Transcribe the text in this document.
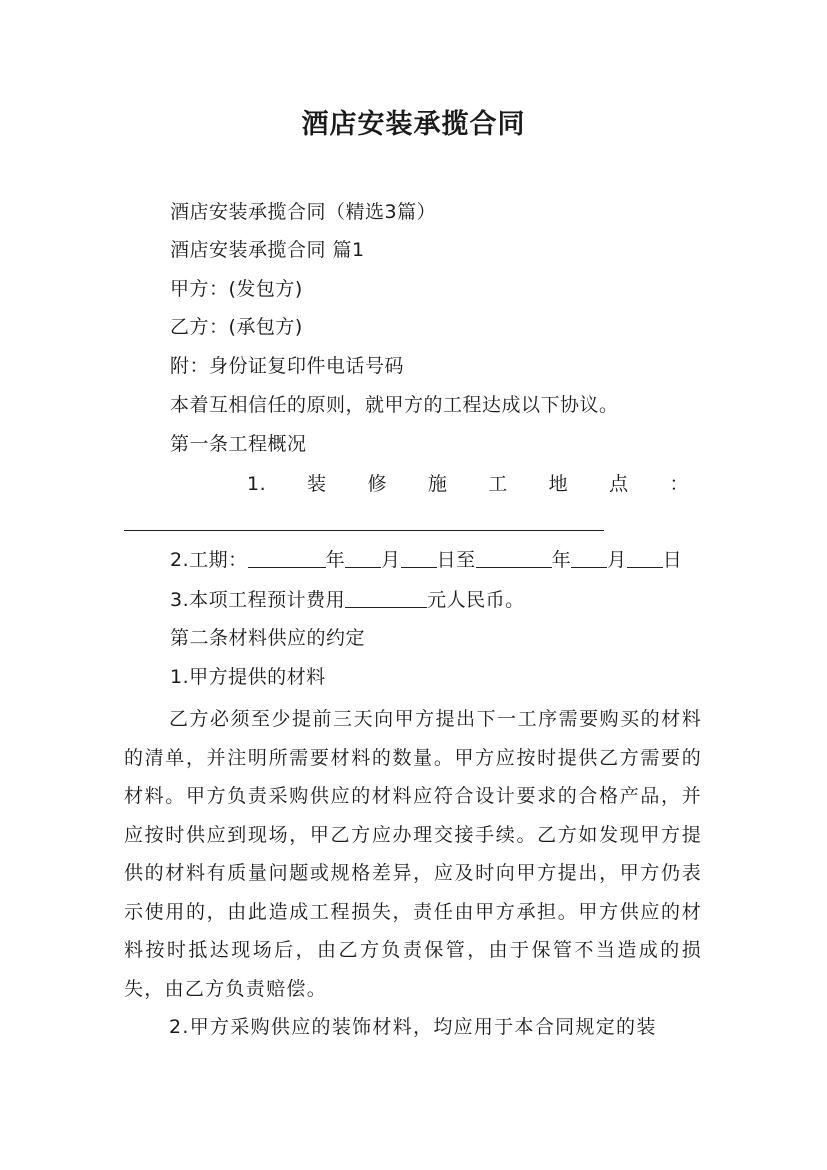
酒店安装承揽合同
酒店安装承揽合同（精选3篇）
酒店安装承揽合同 篇1
甲方：(发包方)
乙方：(承包方)
附：身份证复印件电话号码
本着互相信任的原则，就甲方的工程达成以下协议。
第一条工程概况
1. 装 修 施 工 地 点 ：
2.工期：	年 月 日至	年 月 日
3.本项工程预计费用	元人民币。
第二条材料供应的约定
1.甲方提供的材料
乙方必须至少提前三天向甲方提出下一工序需要购买的材料的清单，并注明所需要材料的数量。甲方应按时提供乙方需要的材料。甲方负责采购供应的材料应符合设计要求的合格产品，并应按时供应到现场，甲乙方应办理交接手续。乙方如发现甲方提供的材料有质量问题或规格差异，应及时向甲方提出，甲方仍表示使用的，由此造成工程损失，责任由甲方承担。甲方供应的材料按时抵达现场后，由乙方负责保管，由于保管不当造成的损失，由乙方负责赔偿。
2.甲方采购供应的装饰材料，均应用于本合同规定的装
